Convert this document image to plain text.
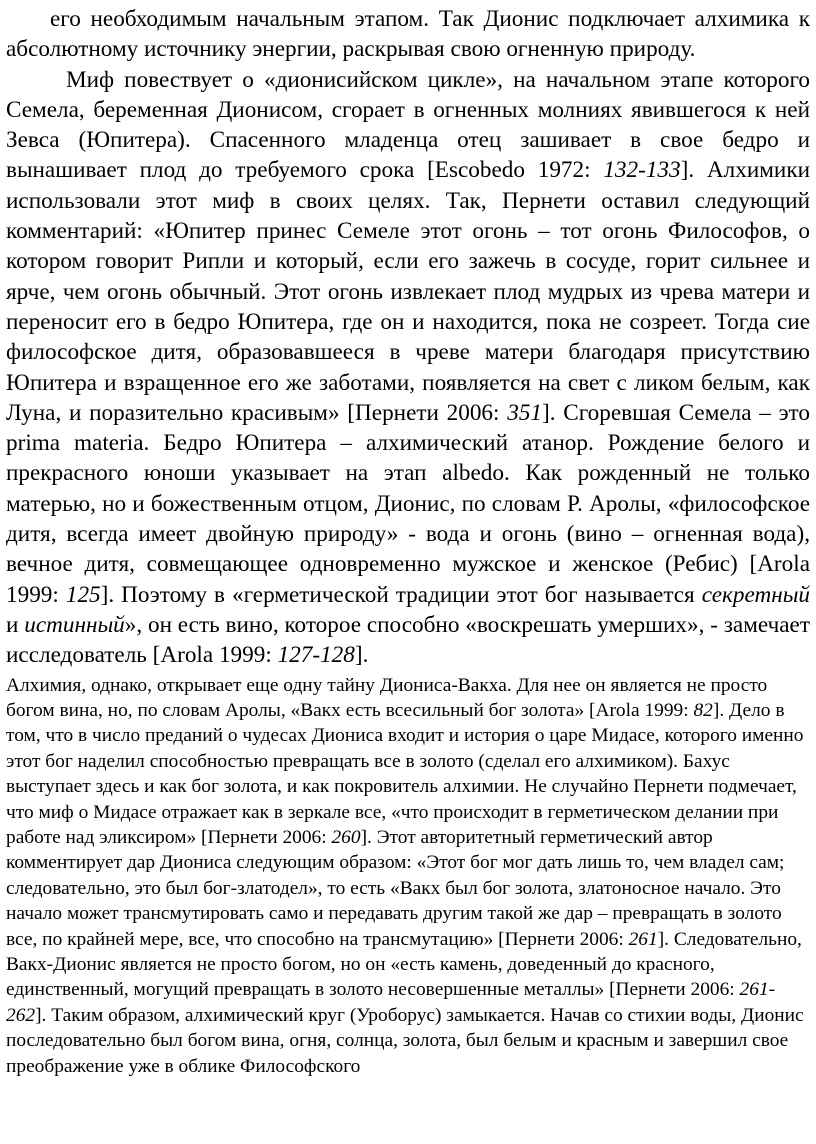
его необходимым начальным этапом. Так Дионис подключает алхимика к абсолютному источнику энергии, раскрывая свою огненную природу.

Миф повествует о «дионисийском цикле», на начальном этапе которого Семела, беременная Дионисом, сгорает в огненных молниях явившегося к ней Зевса (Юпитера). Спасенного младенца отец зашивает в свое бедро и вынашивает плод до требуемого срока [Escobedo 1972: 132-133]. Алхимики использовали этот миф в своих целях. Так, Пернети оставил следующий комментарий: «Юпитер принес Семеле этот огонь – тот огонь Философов, о котором говорит Рипли и который, если его зажечь в сосуде, горит сильнее и ярче, чем огонь обычный. Этот огонь извлекает плод мудрых из чрева матери и переносит его в бедро Юпитера, где он и находится, пока не созреет. Тогда сие философское дитя, образовавшееся в чреве матери благодаря присутствию Юпитера и взращенное его же заботами, появляется на свет с ликом белым, как Луна, и поразительно красивым» [Пернети 2006: 351]. Сгоревшая Семела – это prima materia. Бедро Юпитера – алхимический атанор. Рождение белого и прекрасного юноши указывает на этап albedo. Как рожденный не только матерью, но и божественным отцом, Дионис, по словам Р. Аролы, «философское дитя, всегда имеет двойную природу» - вода и огонь (вино – огненная вода), вечное дитя, совмещающее одновременно мужское и женское (Ребис) [Arola 1999: 125]. Поэтому в «герметической традиции этот бог называется секретный и истинный», он есть вино, которое способно «воскрешать умерших», - замечает исследователь [Arola 1999: 127-128].

Алхимия, однако, открывает еще одну тайну Диониса-Вакха. Для нее он является не просто богом вина, но, по словам Аролы, «Вакх есть всесильный бог золота» [Arola 1999: 82]. Дело в том, что в число преданий о чудесах Диониса входит и история о царе Мидасе, которого именно этот бог наделил способностью превращать все в золото (сделал его алхимиком). Бахус выступает здесь и как бог золота, и как покровитель алхимии. Не случайно Пернети подмечает, что миф о Мидасе отражает как в зеркале все, «что происходит в герметическом делании при работе над эликсиром» [Пернети 2006: 260]. Этот авторитетный герметический автор комментирует дар Диониса следующим образом: «Этот бог мог дать лишь то, чем владел сам; следовательно, это был бог-златодел», то есть «Вакх был бог золота, златоносное начало. Это начало может трансмутировать само и передавать другим такой же дар – превращать в золото все, по крайней мере, все, что способно на трансмутацию» [Пернети 2006: 261]. Следовательно, Вакх-Дионис является не просто богом, но он «есть камень, доведенный до красного, единственный, могущий превращать в золото несовершенные металлы» [Пернети 2006: 261-262]. Таким образом, алхимический круг (Уроборус) замыкается. Начав со стихии воды, Дионис последовательно был богом вина, огня, солнца, золота, был белым и красным и завершил свое преображение уже в облике Философского
